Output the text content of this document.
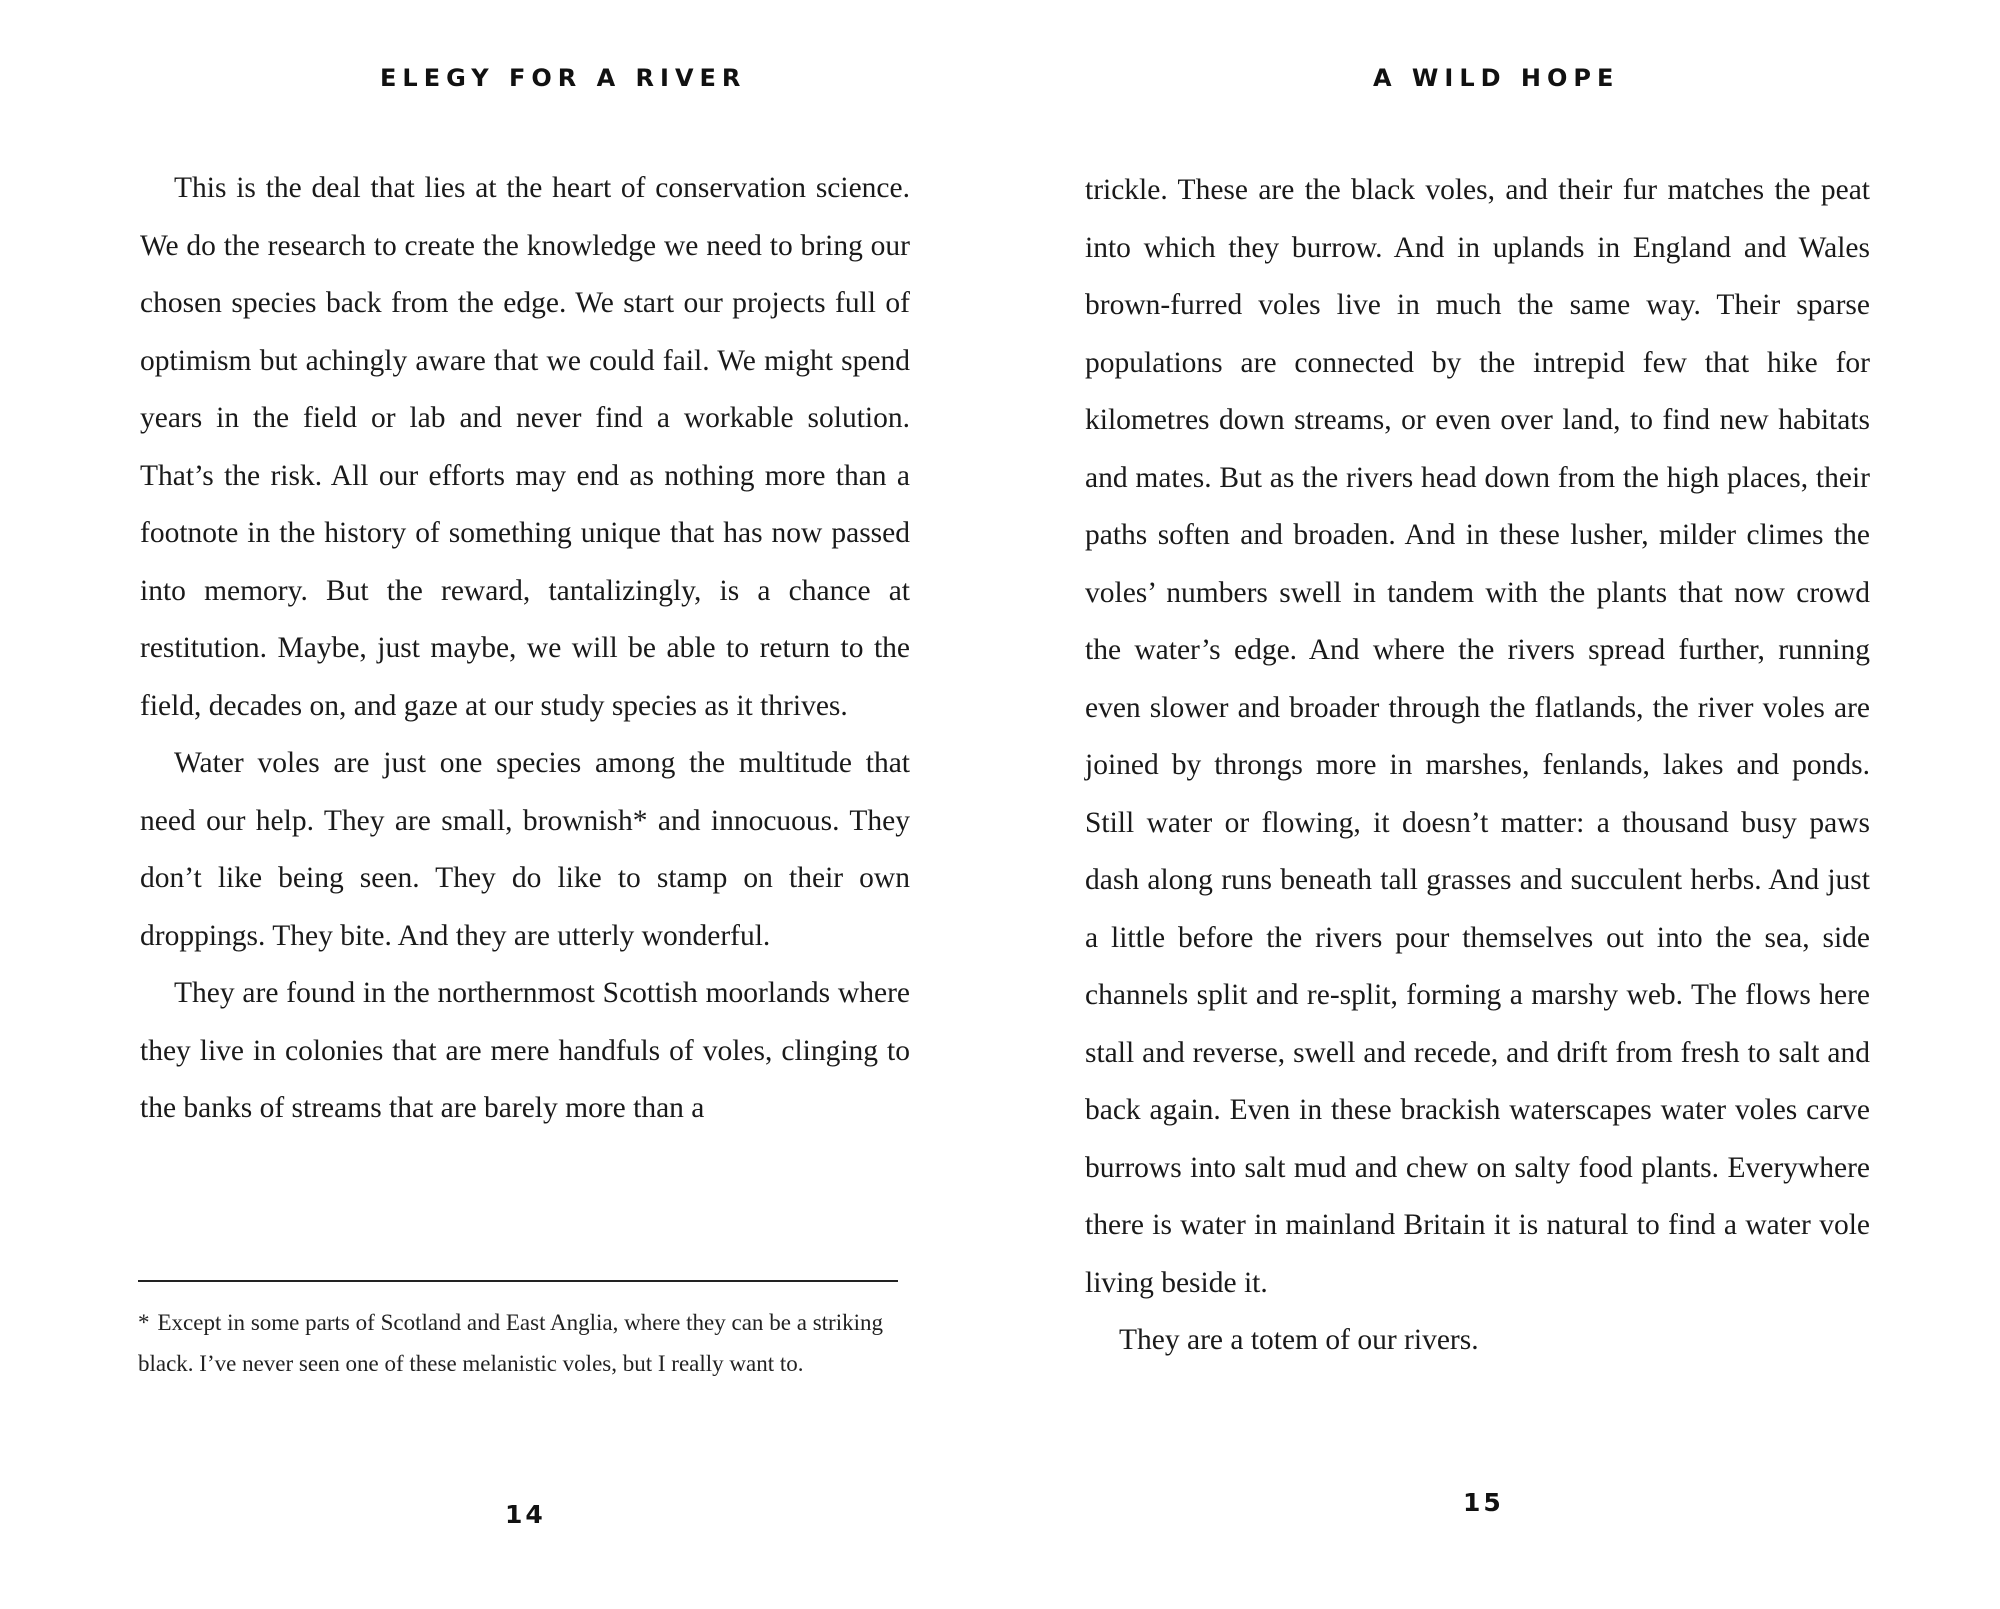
ELEGY FOR A RIVER

This is the deal that lies at the heart of conservation science. We do the research to create the knowledge we need to bring our chosen species back from the edge. We start our projects full of optimism but achingly aware that we could fail. We might spend years in the field or lab and never find a workable solution. That’s the risk. All our efforts may end as nothing more than a footnote in the history of something unique that has now passed into memory. But the reward, tantalizingly, is a chance at restitution. Maybe, just maybe, we will be able to return to the field, decades on, and gaze at our study species as it thrives.

Water voles are just one species among the multitude that need our help. They are small, brownish* and innocuous. They don’t like being seen. They do like to stamp on their own droppings. They bite. And they are utterly wonderful.

They are found in the northernmost Scottish moorlands where they live in colonies that are mere handfuls of voles, clinging to the banks of streams that are barely more than a

* Except in some parts of Scotland and East Anglia, where they can be a striking black. I’ve never seen one of these melanistic voles, but I really want to.
14
A WILD HOPE

trickle. These are the black voles, and their fur matches the peat into which they burrow. And in uplands in England and Wales brown-furred voles live in much the same way. Their sparse populations are connected by the intrepid few that hike for kilometres down streams, or even over land, to find new habitats and mates. But as the rivers head down from the high places, their paths soften and broaden. And in these lusher, milder climes the voles’ numbers swell in tandem with the plants that now crowd the water’s edge. And where the rivers spread further, running even slower and broader through the flatlands, the river voles are joined by throngs more in marshes, fenlands, lakes and ponds. Still water or flowing, it doesn’t matter: a thousand busy paws dash along runs beneath tall grasses and succulent herbs. And just a little before the rivers pour themselves out into the sea, side channels split and re-split, forming a marshy web. The flows here stall and reverse, swell and recede, and drift from fresh to salt and back again. Even in these brackish waterscapes water voles carve burrows into salt mud and chew on salty food plants. Everywhere there is water in mainland Britain it is natural to find a water vole living beside it.

They are a totem of our rivers.

15
